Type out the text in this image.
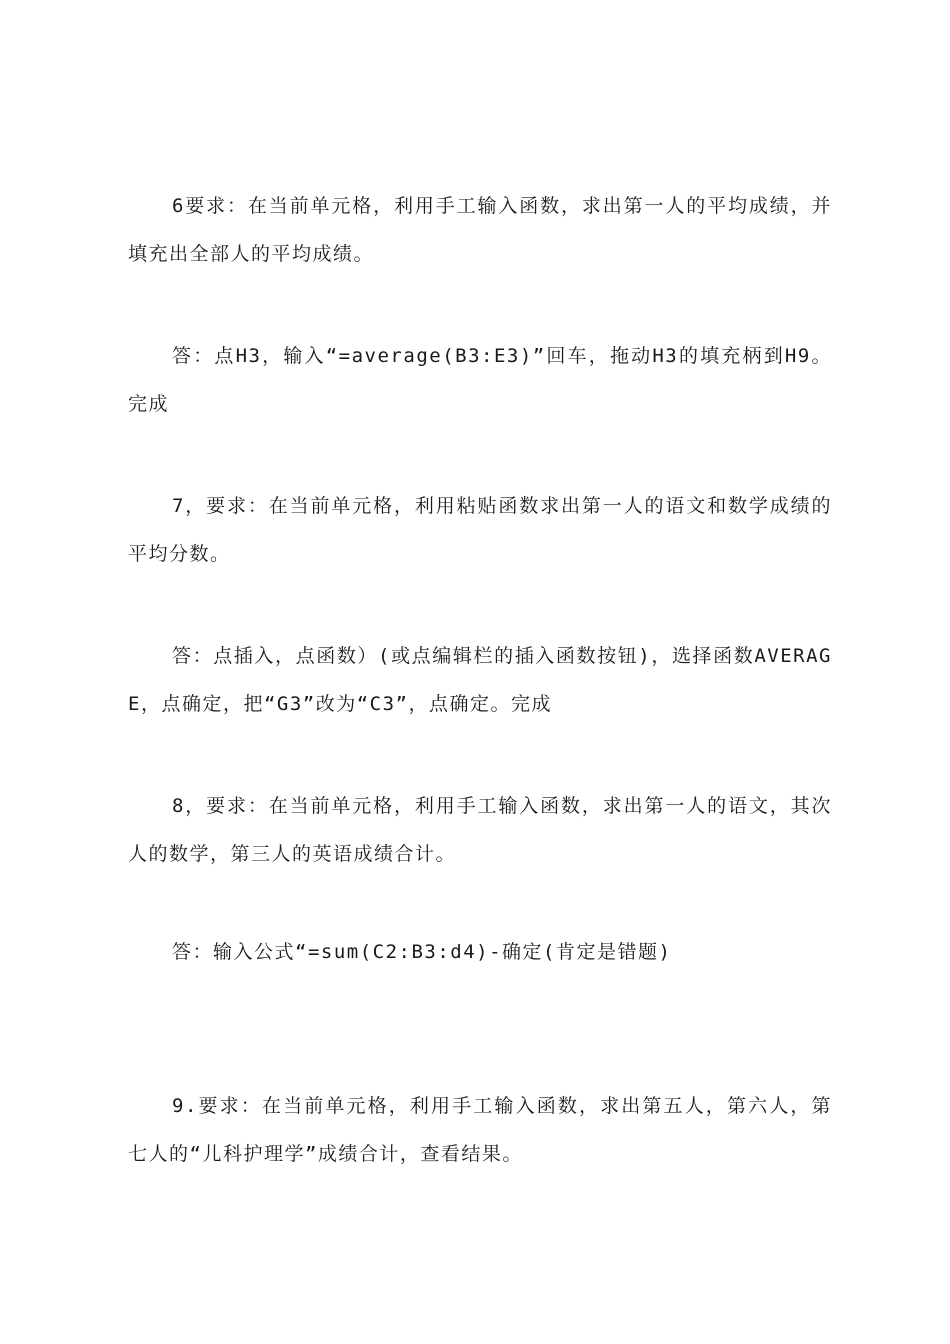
6要求：在当前单元格，利用手工输入函数，求出第一人的平均成绩，并填充出全部人的平均成绩。

答：点H3，输入“=average(B3:E3)”回车，拖动H3的填充柄到H9。完成

7，要求：在当前单元格，利用粘贴函数求出第一人的语文和数学成绩的平均分数。

答：点插入，点函数）(或点编辑栏的插入函数按钮)，选择函数AVERAGE，点确定，把“G3”改为“C3”，点确定。完成

8，要求：在当前单元格，利用手工输入函数，求出第一人的语文，其次人的数学，第三人的英语成绩合计。

答：输入公式“=sum(C2:B3:d4)-确定(肯定是错题)

9.要求：在当前单元格，利用手工输入函数，求出第五人，第六人，第七人的“儿科护理学”成绩合计，查看结果。
